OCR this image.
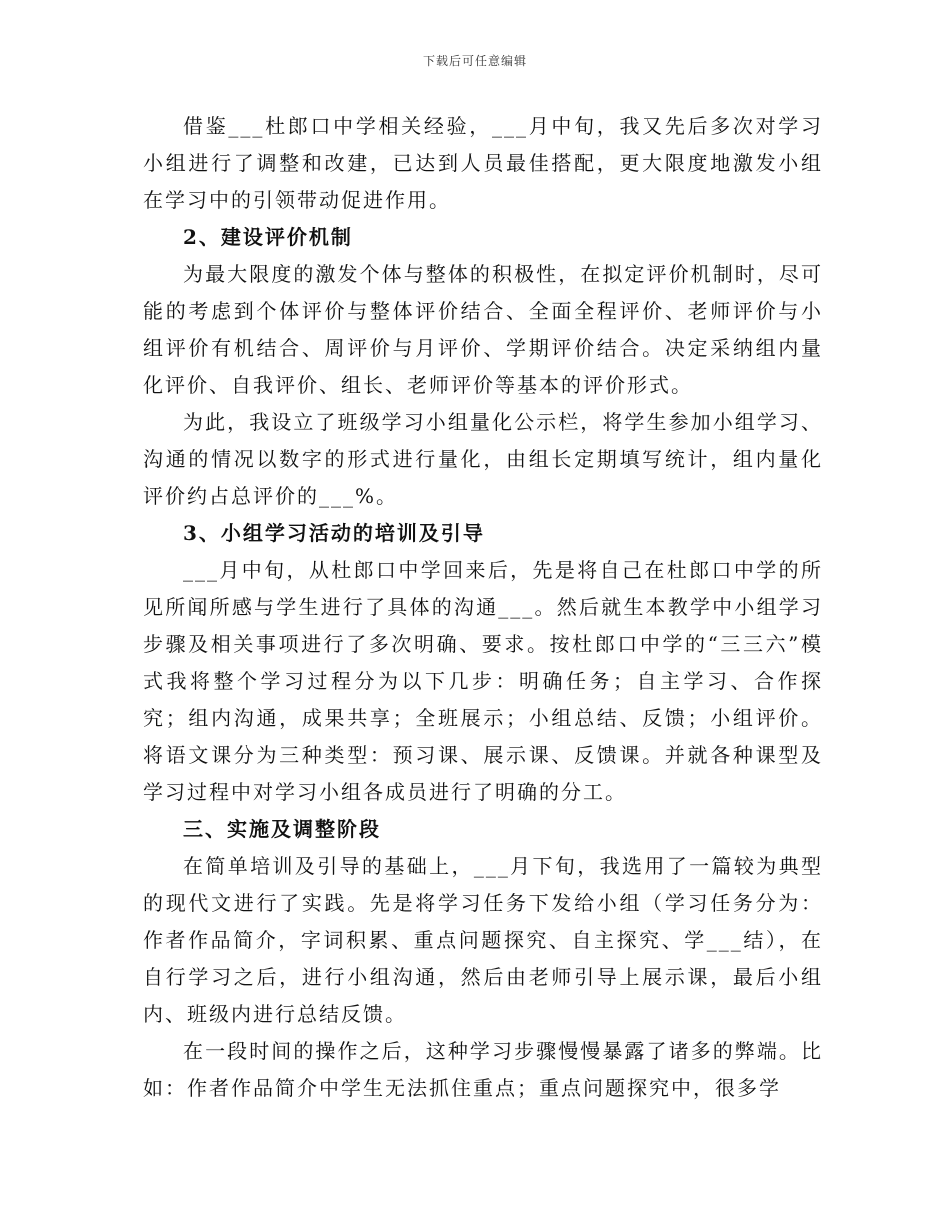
下载后可任意编辑

借鉴___杜郎口中学相关经验，___月中旬，我又先后多次对学习小组进行了调整和改建，已达到人员最佳搭配，更大限度地激发小组在学习中的引领带动促进作用。

2、建设评价机制

为最大限度的激发个体与整体的积极性，在拟定评价机制时，尽可能的考虑到个体评价与整体评价结合、全面全程评价、老师评价与小组评价有机结合、周评价与月评价、学期评价结合。决定采纳组内量化评价、自我评价、组长、老师评价等基本的评价形式。

为此，我设立了班级学习小组量化公示栏，将学生参加小组学习、沟通的情况以数字的形式进行量化，由组长定期填写统计，组内量化评价约占总评价的___%。

3、小组学习活动的培训及引导

___月中旬，从杜郎口中学回来后，先是将自己在杜郎口中学的所见所闻所感与学生进行了具体的沟通___。然后就生本教学中小组学习步骤及相关事项进行了多次明确、要求。按杜郎口中学的“三三六”模式我将整个学习过程分为以下几步：明确任务；自主学习、合作探究；组内沟通，成果共享；全班展示；小组总结、反馈；小组评价。将语文课分为三种类型：预习课、展示课、反馈课。并就各种课型及学习过程中对学习小组各成员进行了明确的分工。

三、实施及调整阶段

在简单培训及引导的基础上，___月下旬，我选用了一篇较为典型的现代文进行了实践。先是将学习任务下发给小组（学习任务分为：作者作品简介，字词积累、重点问题探究、自主探究、学___结），在自行学习之后，进行小组沟通，然后由老师引导上展示课，最后小组内、班级内进行总结反馈。

在一段时间的操作之后，这种学习步骤慢慢暴露了诸多的弊端。比如：作者作品简介中学生无法抓住重点；重点问题探究中，很多学
